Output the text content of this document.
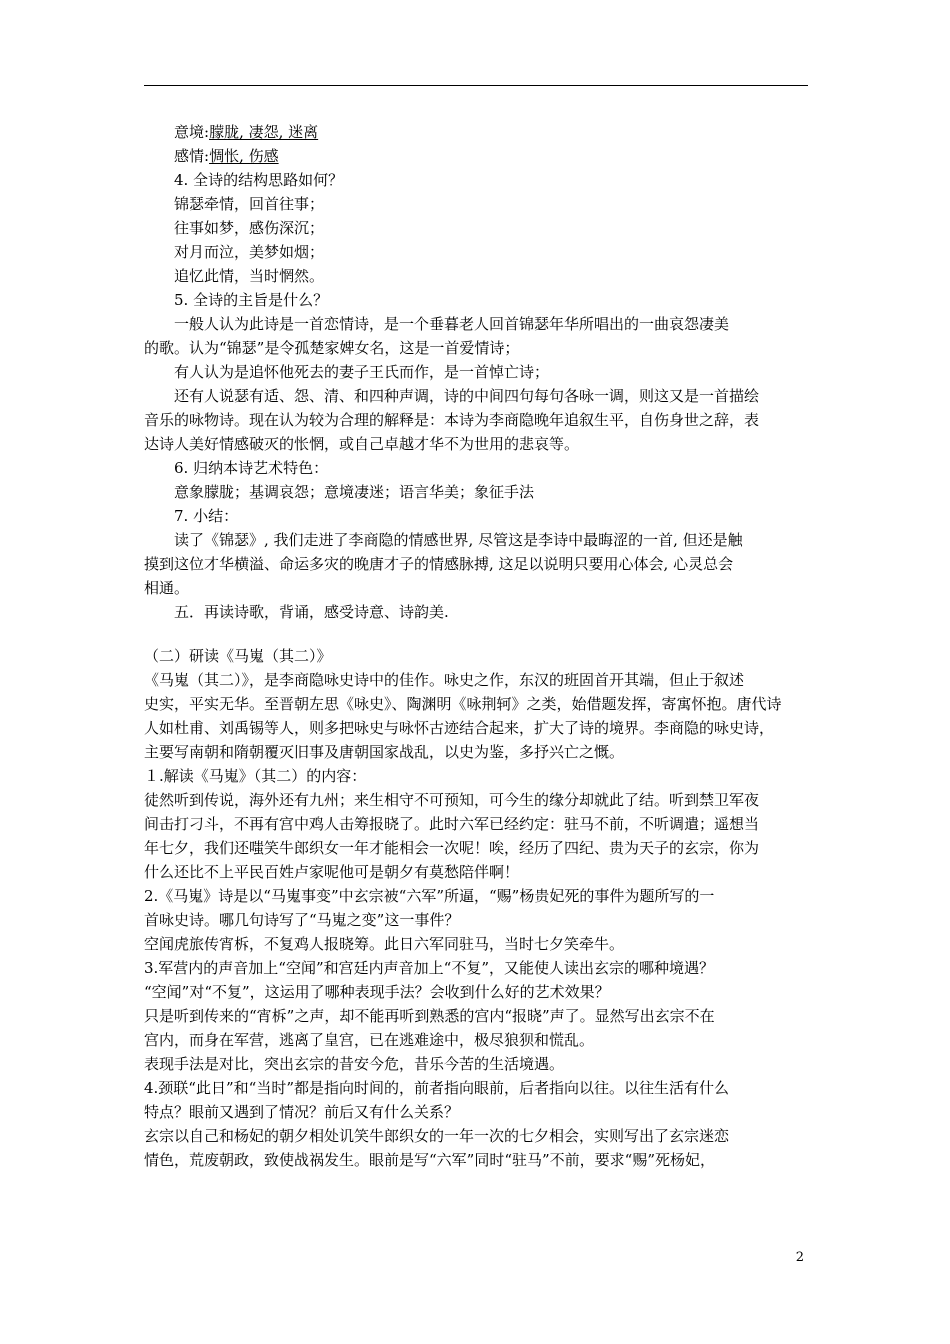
意境:朦胧, 凄怨, 迷离
感情:惆怅, 伤感
4. 全诗的结构思路如何？
锦瑟牵情，回首往事；
往事如梦，感伤深沉；
对月而泣，美梦如烟；
追忆此情，当时惘然。
5. 全诗的主旨是什么？
一般人认为此诗是一首恋情诗，是一个垂暮老人回首锦瑟年华所唱出的一曲哀怨凄美
的歌。认为“锦瑟”是令孤楚家婢女名，这是一首爱情诗；
有人认为是追怀他死去的妻子王氏而作，是一首悼亡诗；
还有人说瑟有适、怨、清、和四种声调，诗的中间四句每句各咏一调，则这又是一首描绘
音乐的咏物诗。现在认为较为合理的解释是：本诗为李商隐晚年追叙生平，自伤身世之辞，表
达诗人美好情感破灭的怅惘，或自己卓越才华不为世用的悲哀等。
6. 归纳本诗艺术特色：
意象朦胧；基调哀怨；意境凄迷；语言华美；象征手法
7. 小结：
读了《锦瑟》, 我们走进了李商隐的情感世界, 尽管这是李诗中最晦涩的一首, 但还是触
摸到这位才华横溢、命运多灾的晚唐才子的情感脉搏, 这足以说明只要用心体会, 心灵总会
相通。
五．再读诗歌，背诵，感受诗意、诗韵美.
（二）研读《马嵬（其二）》
《马嵬（其二）》，是李商隐咏史诗中的佳作。咏史之作，东汉的班固首开其端，但止于叙述
史实，平实无华。至晋朝左思《咏史》、陶渊明《咏荆轲》之类，始借题发挥，寄寓怀抱。唐代诗
人如杜甫、刘禹锡等人，则多把咏史与咏怀古迹结合起来，扩大了诗的境界。李商隐的咏史诗，
主要写南朝和隋朝覆灭旧事及唐朝国家战乱，以史为鉴，多抒兴亡之慨。
１.解读《马嵬》（其二）的内容：
徒然听到传说，海外还有九州；来生相守不可预知，可今生的缘分却就此了结。听到禁卫军夜
间击打刁斗，不再有宫中鸡人击筹报晓了。此时六军已经约定：驻马不前，不听调遣；遥想当
年七夕，我们还嗤笑牛郎织女一年才能相会一次呢！唉，经历了四纪、贵为天子的玄宗，你为
什么还比不上平民百姓卢家呢他可是朝夕有莫愁陪伴啊！
2.《马嵬》诗是以“马嵬事变”中玄宗被“六军”所逼，“赐”杨贵妃死的事件为题所写的一
首咏史诗。哪几句诗写了“马嵬之变”这一事件？
空闻虎旅传宵柝，不复鸡人报晓筹。此日六军同驻马，当时七夕笑牵牛。
3.军营内的声音加上“空闻”和宫廷内声音加上“不复”，又能使人读出玄宗的哪种境遇？
“空闻”对“不复”，这运用了哪种表现手法？会收到什么好的艺术效果？
只是听到传来的“宵柝”之声，却不能再听到熟悉的宫内“报晓”声了。显然写出玄宗不在
宫内，而身在军营，逃离了皇宫，已在逃难途中，极尽狼狈和慌乱。
表现手法是对比，突出玄宗的昔安今危，昔乐今苦的生活境遇。
4.颈联“此日”和“当时”都是指向时间的，前者指向眼前，后者指向以往。以往生活有什么
特点？眼前又遇到了情况？前后又有什么关系？
玄宗以自己和杨妃的朝夕相处讥笑牛郎织女的一年一次的七夕相会，实则写出了玄宗迷恋
情色，荒废朝政，致使战祸发生。眼前是写“六军”同时“驻马”不前，要求“赐”死杨妃，
2
